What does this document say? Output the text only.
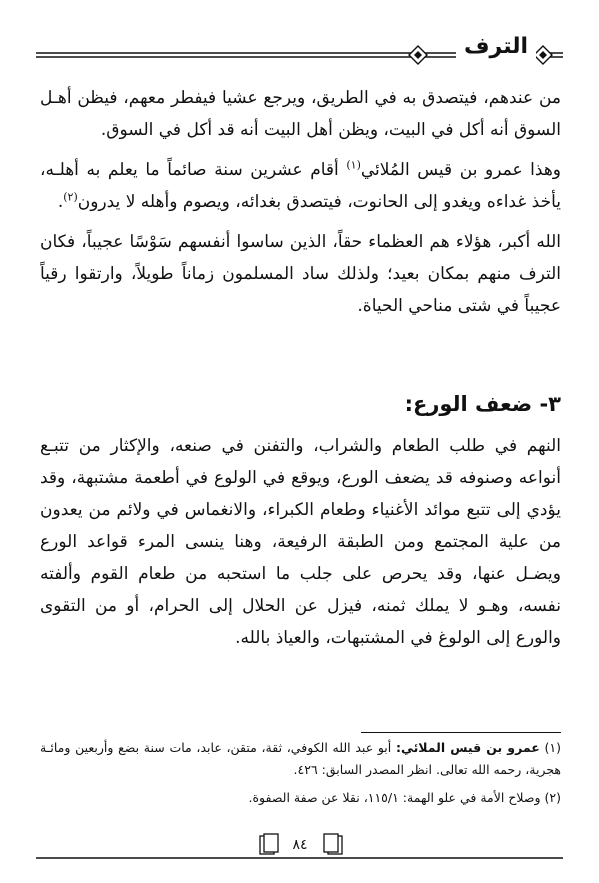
الترف

من عندهم، فيتصدق به في الطريق، ويرجع عشيا فيفطر معهم، فيظن أهـل السوق أنه أكل في البيت، ويظن أهل البيت أنه قد أكل في السوق.

وهذا عمرو بن قيس المُلائي$^{(١)}$ أقام عشرين سنة صائماً ما يعلم به أهلـه، يأخذ غداءه ويغدو إلى الحانوت، فيتصدق بغدائه، ويصوم وأهله لا يدرون$^{(٢)}$.

الله أكبر، هؤلاء هم العظماء حقاً، الذين ساسوا أنفسهم سَوْسًا عجيباً، فكان الترف منهم بمكان بعيد؛ ولذلك ساد المسلمون زماناً طويلاً، وارتقوا رقياً عجيباً في شتى مناحي الحياة.

٣- ضعف الورع:

النهم في طلب الطعام والشراب، والتفنن في صنعه، والإكثار من تتبـع أنواعه وصنوفه قد يضعف الورع، ويوقع في الولوع في أطعمة مشتبهة، وقد يؤدي إلى تتبع موائد الأغنياء وطعام الكبراء، والانغماس في ولائم من يعدون من علية المجتمع ومن الطبقة الرفيعة، وهنا ينسى المرء قواعد الورع ويضـل عنها، وقد يحرص على جلب ما استحبه من طعام القوم وألفته نفسه، وهـو لا يملك ثمنه، فيزل عن الحلال إلى الحرام، أو من التقوى والورع إلى الولوغ في المشتبهات، والعياذ بالله.

(١) عمرو بن قيس الملائي: أبو عبد الله الكوفي، ثقة، متقن، عابد، مات سنة بضع وأربعين ومائـة هجرية، رحمه الله تعالى. انظر المصدر السابق: ٤٢٦.

(٢) وصلاح الأمة في علو الهمة: ١١٥/١، نقلا عن صفة الصفوة.

٨٤
